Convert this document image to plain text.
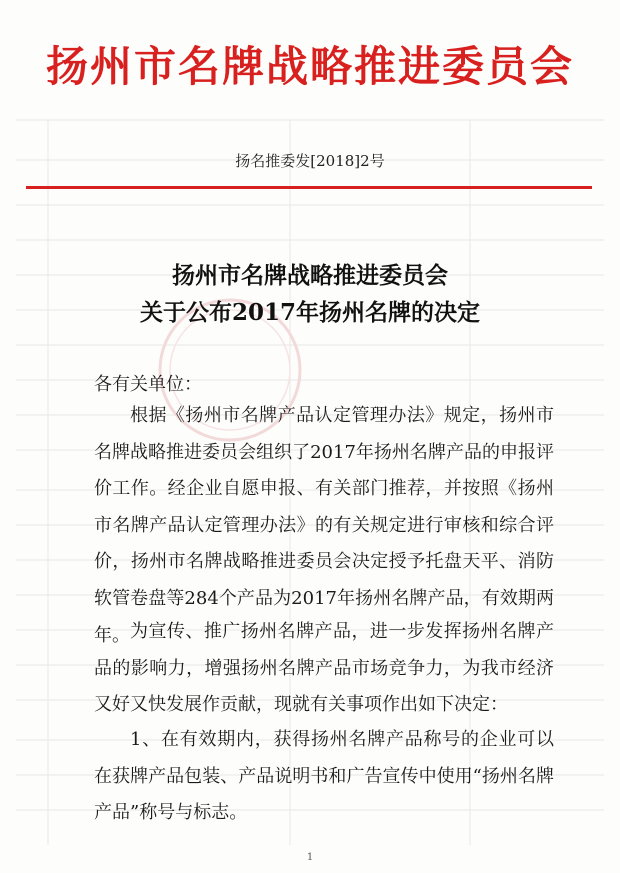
扬州市名牌战略推进委员会
扬名推委发[2018]2号
扬州市名牌战略推进委员会
关于公布2017年扬州名牌的决定
各有关单位：
根据《扬州市名牌产品认定管理办法》规定，扬州市名牌战略推进委员会组织了2017年扬州名牌产品的申报评价工作。经企业自愿申报、有关部门推荐，并按照《扬州市名牌产品认定管理办法》的有关规定进行审核和综合评价，扬州市名牌战略推进委员会决定授予托盘天平、消防软管卷盘等284个产品为2017年扬州名牌产品，有效期两年。 为宣传、推广扬州名牌产品，进一步发挥扬州名牌产品的影响力，增强扬州名牌产品市场竞争力，为我市经济又好又快发展作贡献，现就有关事项作出如下决定：
1、在有效期内，获得扬州名牌产品称号的企业可以在获牌产品包装、产品说明书和广告宣传中使用“扬州名牌产品”称号与标志。
1
